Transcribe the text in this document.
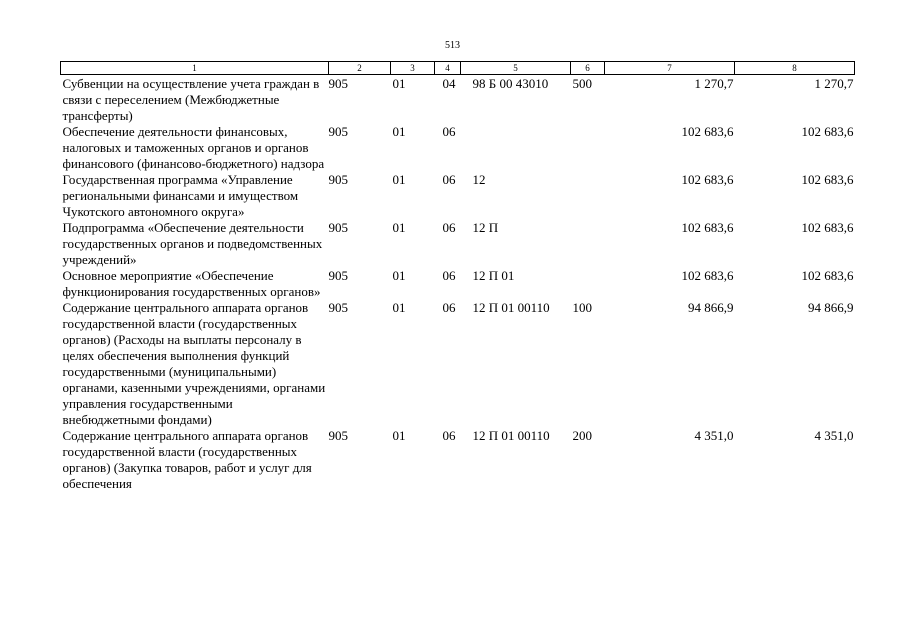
513
1	2	3	4	5	6	7	8
Субвенции на осуществление учета граждан в связи с переселением (Межбюджетные трансферты)	905	01	04	98 Б 00 43010	500	1 270,7	1 270,7
Обеспечение деятельности финансовых, налоговых и таможенных органов и органов финансового (финансово-бюджетного) надзора	905	01	06			102 683,6	102 683,6
Государственная программа «Управление региональными финансами и имуществом Чукотского автономного округа»	905	01	06	12		102 683,6	102 683,6
Подпрограмма «Обеспечение деятельности государственных органов и подведомственных учреждений»	905	01	06	12 П		102 683,6	102 683,6
Основное мероприятие «Обеспечение функционирования государственных органов»	905	01	06	12 П 01		102 683,6	102 683,6
Содержание центрального аппарата органов государственной власти (государственных органов) (Расходы на выплаты персоналу в целях обеспечения выполнения функций государственными (муниципальными) органами, казенными учреждениями, органами управления государственными внебюджетными фондами)	905	01	06	12 П 01 00110	100	94 866,9	94 866,9
Содержание центрального аппарата органов государственной власти (государственных органов) (Закупка товаров, работ и услуг для обеспечения	905	01	06	12 П 01 00110	200	4 351,0	4 351,0
